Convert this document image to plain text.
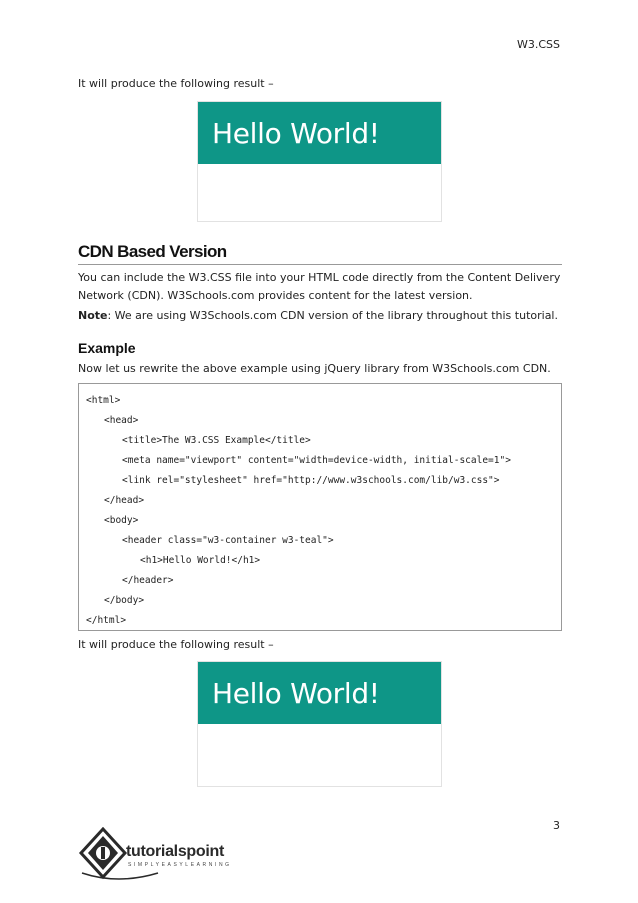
W3.CSS
It will produce the following result –
Hello World!
CDN Based Version
You can include the W3.CSS file into your HTML code directly from the Content Delivery
Network (CDN). W3Schools.com provides content for the latest version.
Note: We are using W3Schools.com CDN version of the library throughout this tutorial.
Example
Now let us rewrite the above example using jQuery library from W3Schools.com CDN.
<html>
<head>
<title>The W3.CSS Example</title>
<meta name="viewport" content="width=device-width, initial-scale=1">
<link rel="stylesheet" href="http://www.w3schools.com/lib/w3.css">
</head>
<body>
<header class="w3-container w3-teal">
<h1>Hello World!</h1>
</header>
</body>
</html>
It will produce the following result –
Hello World!
3
tutorialspoint
SIMPLYEASYLEARNING
